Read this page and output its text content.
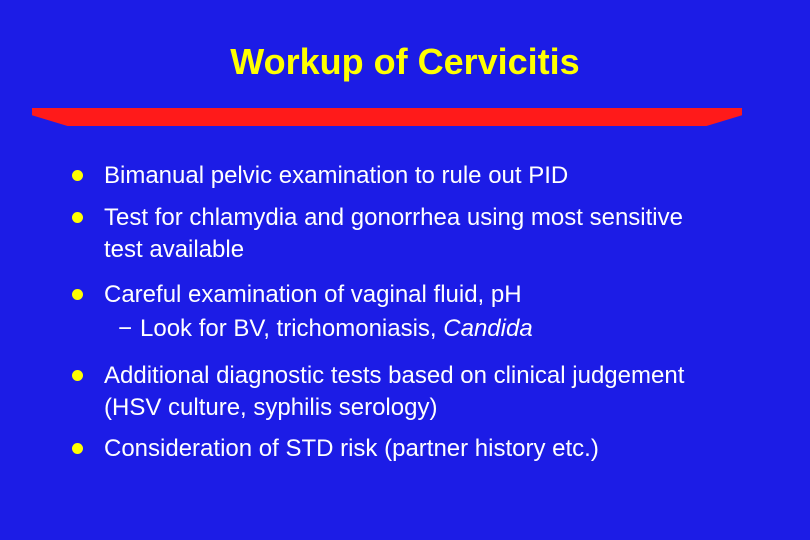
Workup of Cervicitis
Bimanual pelvic examination to rule out PID
Test for chlamydia and gonorrhea using most sensitive
test available
Careful examination of vaginal fluid, pH
− Look for BV, trichomoniasis, Candida
Additional diagnostic tests based on clinical judgement
(HSV culture, syphilis serology)
Consideration of STD risk (partner history etc.)
